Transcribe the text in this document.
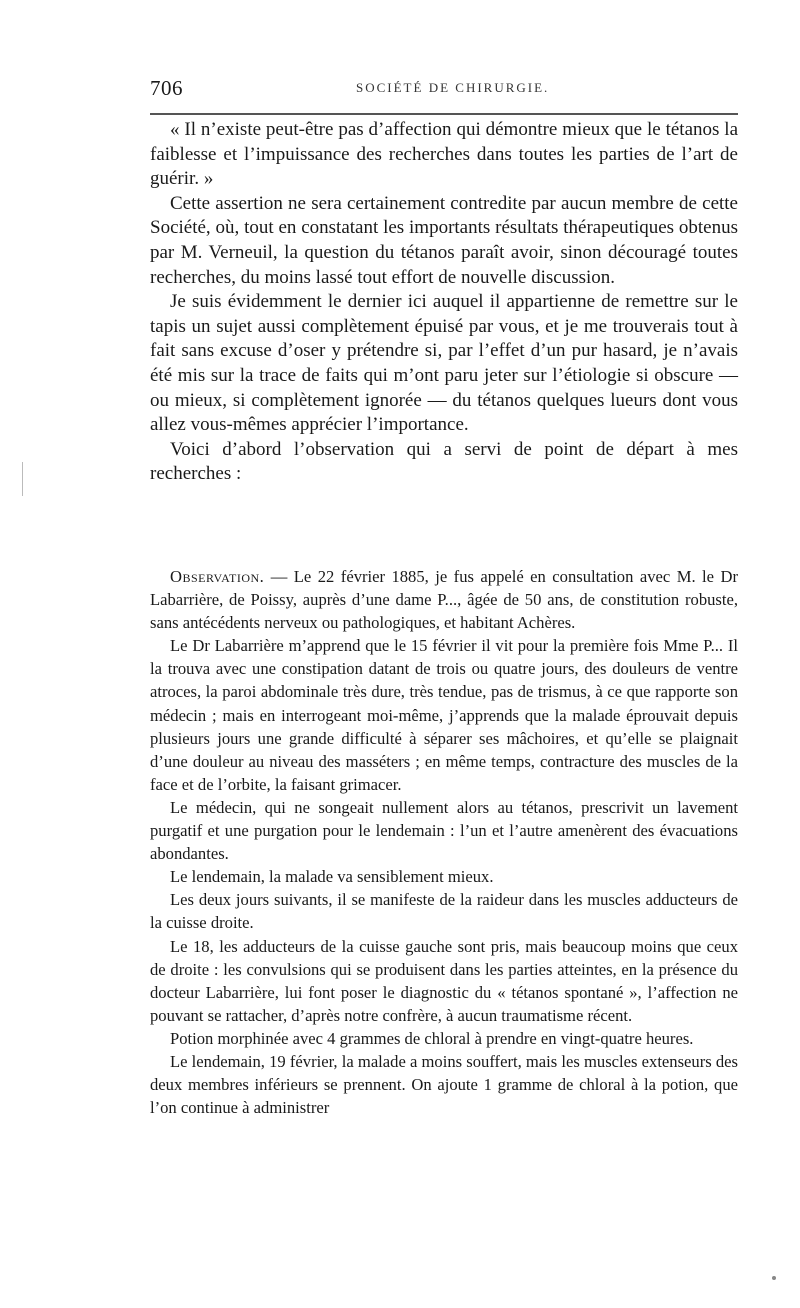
706	SOCIÉTÉ DE CHIRURGIE.

« Il n’existe peut-être pas d’affection qui démontre mieux que le tétanos la faiblesse et l’impuissance des recherches dans toutes les parties de l’art de guérir. »

Cette assertion ne sera certainement contredite par aucun membre de cette Société, où, tout en constatant les importants résultats thérapeutiques obtenus par M. Verneuil, la question du tétanos paraît avoir, sinon découragé toutes recherches, du moins lassé tout effort de nouvelle discussion.

Je suis évidemment le dernier ici auquel il appartienne de remettre sur le tapis un sujet aussi complètement épuisé par vous, et je me trouverais tout à fait sans excuse d’oser y prétendre si, par l’effet d’un pur hasard, je n’avais été mis sur la trace de faits qui m’ont paru jeter sur l’étiologie si obscure — ou mieux, si complètement ignorée — du tétanos quelques lueurs dont vous allez vous-mêmes apprécier l’importance.

Voici d’abord l’observation qui a servi de point de départ à mes recherches :

Observation. — Le 22 février 1885, je fus appelé en consultation avec M. le Dr Labarrière, de Poissy, auprès d’une dame P..., âgée de 50 ans, de constitution robuste, sans antécédents nerveux ou pathologiques, et habitant Achères.

Le Dr Labarrière m’apprend que le 15 février il vit pour la première fois Mme P... Il la trouva avec une constipation datant de trois ou quatre jours, des douleurs de ventre atroces, la paroi abdominale très dure, très tendue, pas de trismus, à ce que rapporte son médecin ; mais en interrogeant moi-même, j’apprends que la malade éprouvait depuis plusieurs jours une grande difficulté à séparer ses mâchoires, et qu’elle se plaignait d’une douleur au niveau des masséters ; en même temps, contracture des muscles de la face et de l’orbite, la faisant grimacer.

Le médecin, qui ne songeait nullement alors au tétanos, prescrivit un lavement purgatif et une purgation pour le lendemain : l’un et l’autre amenèrent des évacuations abondantes.

Le lendemain, la malade va sensiblement mieux.

Les deux jours suivants, il se manifeste de la raideur dans les muscles adducteurs de la cuisse droite.

Le 18, les adducteurs de la cuisse gauche sont pris, mais beaucoup moins que ceux de droite : les convulsions qui se produisent dans les parties atteintes, en la présence du docteur Labarrière, lui font poser le diagnostic du « tétanos spontané », l’affection ne pouvant se rattacher, d’après notre confrère, à aucun traumatisme récent.

Potion morphinée avec 4 grammes de chloral à prendre en vingt-quatre heures.

Le lendemain, 19 février, la malade a moins souffert, mais les muscles extenseurs des deux membres inférieurs se prennent. On ajoute 1 gramme de chloral à la potion, que l’on continue à administrer
